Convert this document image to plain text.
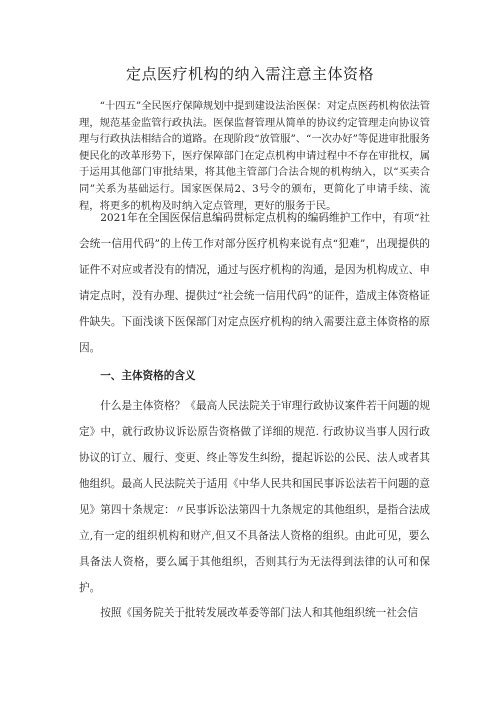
定点医疗机构的纳入需注意主体资格

“十四五”全民医疗保障规划中提到建设法治医保：对定点医药机构依法管理，规范基金监管行政执法。医保监督管理从简单的协议约定管理走向协议管理与行政执法相结合的道路。在现阶段“放管服”、“一次办好”等促进审批服务便民化的改革形势下，医疗保障部门在定点机构申请过程中不存在审批权，属于运用其他部门审批结果，将其他主管部门合法合规的机构纳入，以“买卖合同”关系为基础运行。国家医保局2、3号令的颁布，更简化了申请手续、流程，将更多的机构及时纳入定点管理，更好的服务于民。

2021年在全国医保信息编码贯标定点机构的编码维护工作中，有项“社会统一信用代码”的上传工作对部分医疗机构来说有点“犯难”，出现提供的证件不对应或者没有的情况，通过与医疗机构的沟通，是因为机构成立、申请定点时，没有办理、提供过“社会统一信用代码”的证件，造成主体资格证件缺失。下面浅谈下医保部门对定点医疗机构的纳入需要注意主体资格的原因。

一、主体资格的含义

什么是主体资格？《最高人民法院关于审理行政协议案件若干问题的规定》中，就行政协议诉讼原告资格做了详细的规范. 行政协议当事人因行政协议的订立、履行、变更、终止等发生纠纷，提起诉讼的公民、法人或者其他组织。最高人民法院关于适用《中华人民共和国民事诉讼法若干问题的意见》第四十条规定：〃民事诉讼法第四十九条规定的其他组织，是指合法成立,有一定的组织机构和财产,但又不具备法人资格的组织。由此可见，要么具备法人资格，要么属于其他组织，否则其行为无法得到法律的认可和保护。

按照《国务院关于批转发展改革委等部门法人和其他组织统一社会信
